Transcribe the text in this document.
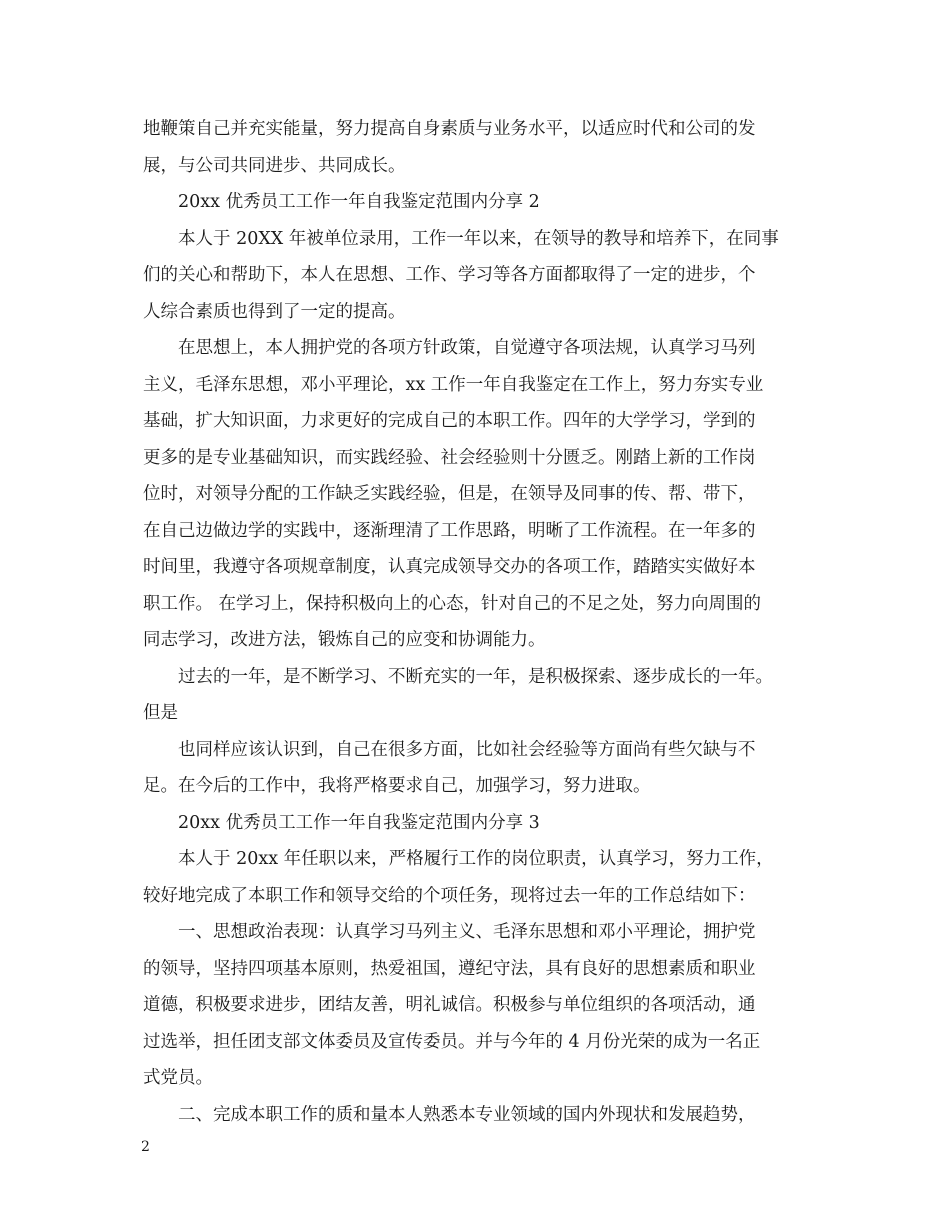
地鞭策自己并充实能量，努力提高自身素质与业务水平，以适应时代和公司的发
展，与公司共同进步、共同成长。
20xx 优秀员工工作一年自我鉴定范围内分享 2
本人于 20XX 年被单位录用，工作一年以来，在领导的教导和培养下，在同事
们的关心和帮助下，本人在思想、工作、学习等各方面都取得了一定的进步，个
人综合素质也得到了一定的提高。
在思想上，本人拥护党的各项方针政策，自觉遵守各项法规，认真学习马列
主义，毛泽东思想，邓小平理论，xx 工作一年自我鉴定在工作上，努力夯实专业
基础，扩大知识面，力求更好的完成自己的本职工作。四年的大学学习，学到的
更多的是专业基础知识，而实践经验、社会经验则十分匮乏。刚踏上新的工作岗
位时，对领导分配的工作缺乏实践经验，但是，在领导及同事的传、帮、带下，
在自己边做边学的实践中，逐渐理清了工作思路，明晰了工作流程。在一年多的
时间里，我遵守各项规章制度，认真完成领导交办的各项工作，踏踏实实做好本
职工作。 在学习上，保持积极向上的心态，针对自己的不足之处，努力向周围的
同志学习，改进方法，锻炼自己的应变和协调能力。
过去的一年，是不断学习、不断充实的一年，是积极探索、逐步成长的一年。
但是
也同样应该认识到，自己在很多方面，比如社会经验等方面尚有些欠缺与不
足。在今后的工作中，我将严格要求自己，加强学习，努力进取。
20xx 优秀员工工作一年自我鉴定范围内分享 3
本人于 20xx 年任职以来，严格履行工作的岗位职责，认真学习，努力工作，
较好地完成了本职工作和领导交给的个项任务，现将过去一年的工作总结如下：
一、思想政治表现：认真学习马列主义、毛泽东思想和邓小平理论，拥护党
的领导，坚持四项基本原则，热爱祖国，遵纪守法，具有良好的思想素质和职业
道德，积极要求进步，团结友善，明礼诚信。积极参与单位组织的各项活动，通
过选举，担任团支部文体委员及宣传委员。并与今年的 4 月份光荣的成为一名正
式党员。
二、完成本职工作的质和量本人熟悉本专业领域的国内外现状和发展趋势，
2
